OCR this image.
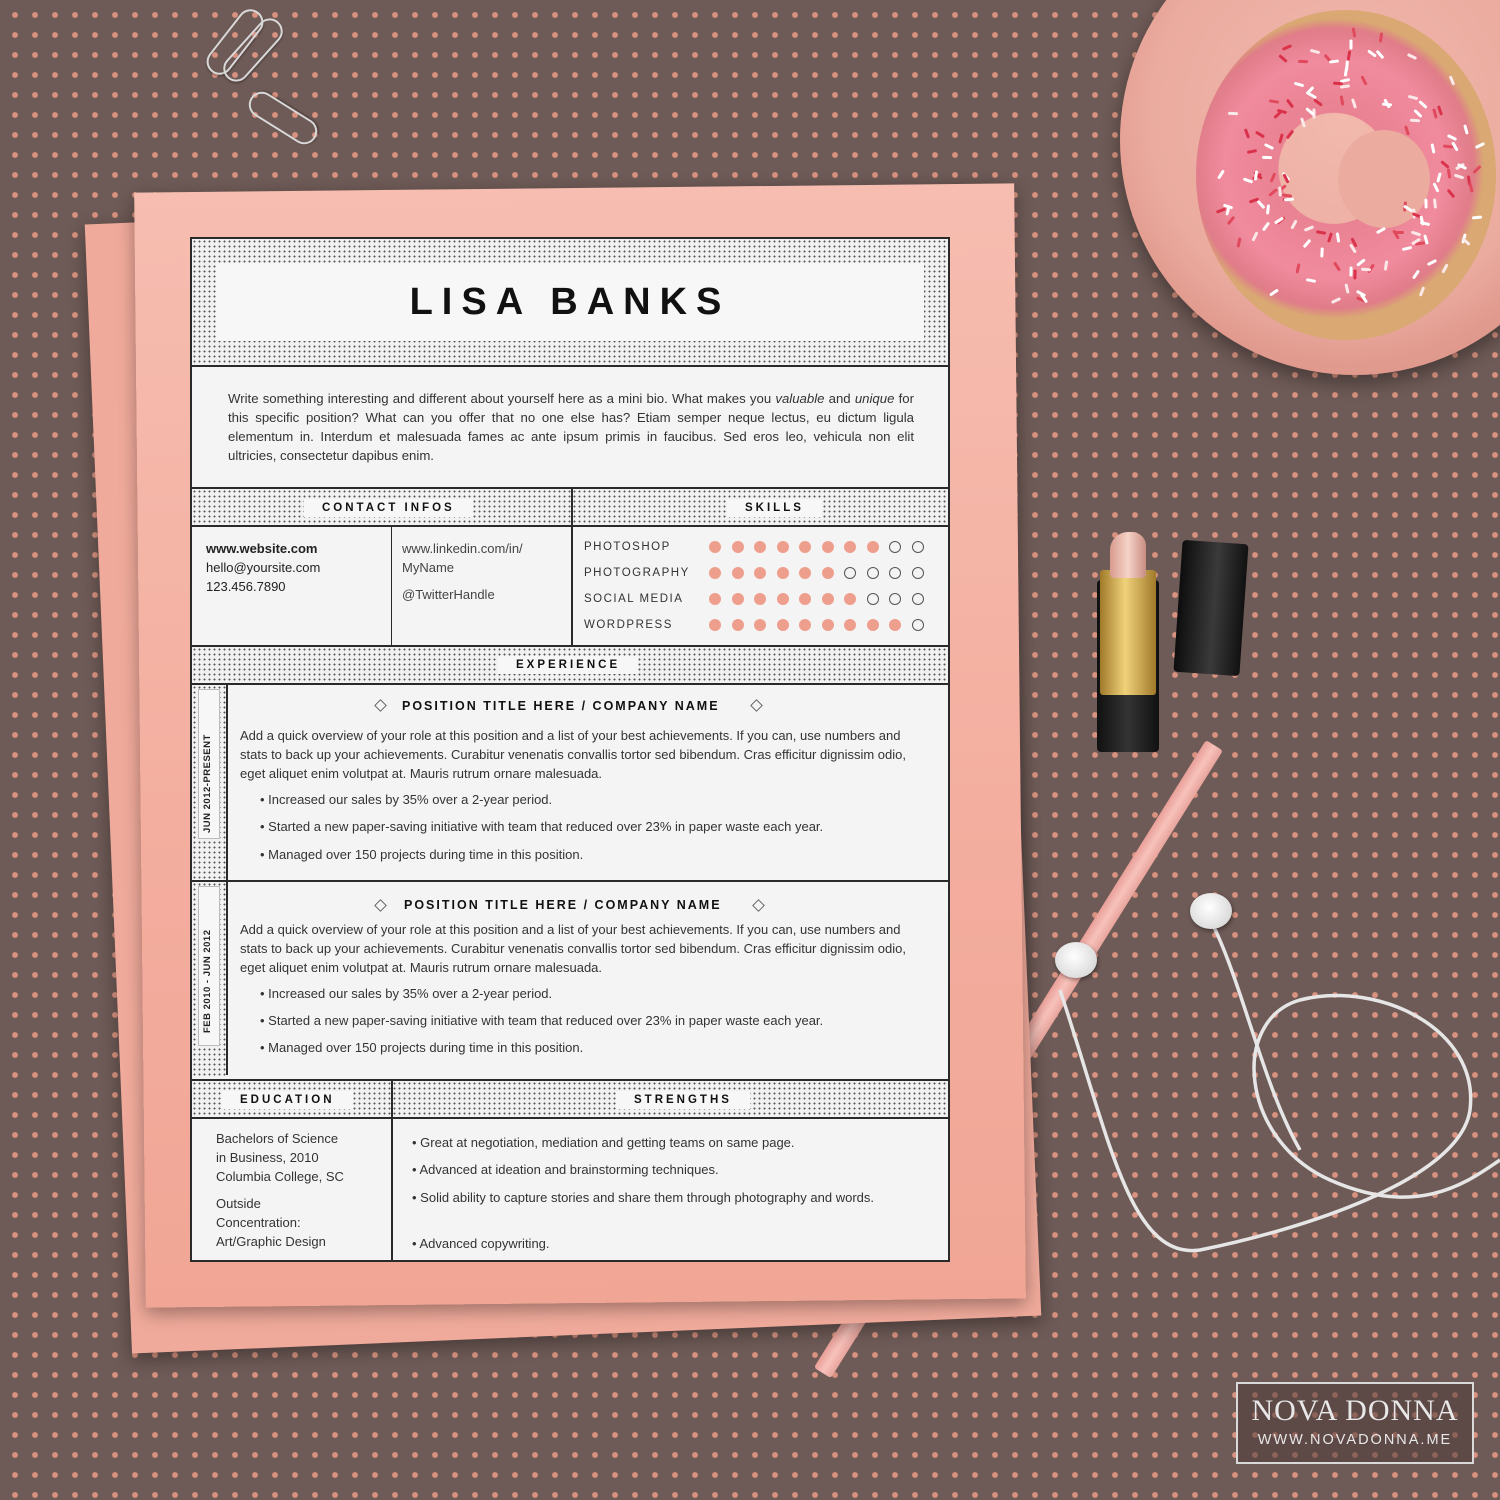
LISA BANKS
Write something interesting and different about yourself here as a mini bio. What makes you valuable and unique for this specific position? What can you offer that no one else has? Etiam semper neque lectus, eu dictum ligula elementum in. Interdum et malesuada fames ac ante ipsum primis in faucibus. Sed eros leo, vehicula non elit ultricies, consectetur dapibus enim.
CONTACT INFOS	SKILLS
www.website.com
hello@yoursite.com
123.456.7890
www.linkedin.com/in/
MyName
@TwitterHandle
PHOTOSHOP
PHOTOGRAPHY
SOCIAL MEDIA
WORDPRESS
EXPERIENCE
JUN 2012-PRESENT
POSITION TITLE HERE / COMPANY NAME
Add a quick overview of your role at this position and a list of your best achievements. If you can, use numbers and stats to back up your achievements. Curabitur venenatis convallis tortor sed bibendum. Cras efficitur dignissim odio, eget aliquet enim volutpat at. Mauris rutrum ornare malesuada.
• Increased our sales by 35% over a 2-year period.
• Started a new paper-saving initiative with team that reduced over 23% in paper waste each year.
• Managed over 150 projects during time in this position.
FEB 2010 - JUN 2012
POSITION TITLE HERE / COMPANY NAME
Add a quick overview of your role at this position and a list of your best achievements. If you can, use numbers and stats to back up your achievements. Curabitur venenatis convallis tortor sed bibendum. Cras efficitur dignissim odio, eget aliquet enim volutpat at. Mauris rutrum ornare malesuada.
• Increased our sales by 35% over a 2-year period.
• Started a new paper-saving initiative with team that reduced over 23% in paper waste each year.
• Managed over 150 projects during time in this position.
EDUCATION	STRENGTHS
Bachelors of Science
in Business, 2010
Columbia College, SC
Outside
Concentration:
Art/Graphic Design
• Great at negotiation, mediation and getting teams on same page.
• Advanced at ideation and brainstorming techniques.
• Solid ability to capture stories and share them through photography and words.
• Advanced copywriting.
NOVA DONNA
WWW.NOVADONNA.ME
